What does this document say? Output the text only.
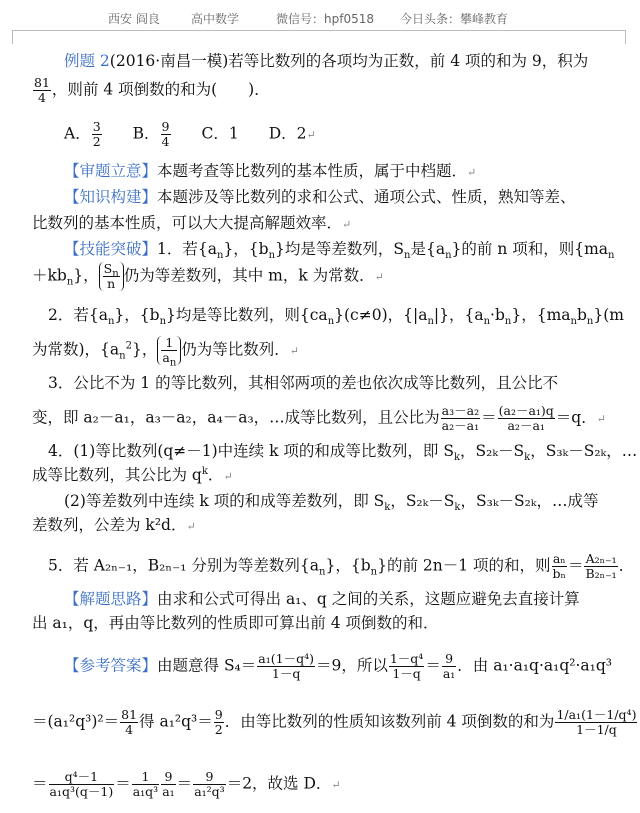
西安 阎良	高中数学	微信号：hpf0518 今日头条：攀峰教育
例题 2(2016·南昌一模)若等比数列的各项均为正数，前 4 项的和为 9，积为
$\frac{81}{4}$ ，则前 4 项倒数的和为(　　)．
A． $\frac{3}{2}$ B． $\frac{9}{4}$ C．1 D．2↵
【审题立意】本题考查等比数列的基本性质，属于中档题．↵
【知识构建】本题涉及等比数列的求和公式、通项公式、性质，熟知等差、
比数列的基本性质，可以大大提高解题效率．↵
【技能突破】1．若$\{a_n\}$，$\{b_n\}$均是等差数列，$S_n$是$\{a_n\}$的前 n 项和，则{$ma_n$
$+kb_n$}， $\frac{S_n}{n}$ 仍为等差数列，其中 m，k 为常数．↵
2．若$\{a_n\}$，$\{b_n\}$均是等比数列，则$\{ca_n\}(c\ne 0)$，$\{|a_n|\}$，$\{a_n\cdot b_n\}$，$\{ma_nb_n\}(m$
为常数)，$\{a_n^2\}$， $\frac{1}{a_n}$ 仍为等比数列．↵
3．公比不为 1 的等比数列，其相邻两项的差也依次成等比数列，且公比不
变，即 a₂－a₁，a₃－a₂，a₄－a₃，…成等比数列，且公比为 $\frac{\text{a₃－a₂}}{\text{a₂－a₁}} = \frac{\text{(a₂－a₁)q}}{\text{a₂－a₁}} =q$．↵
4．(1)等比数列(q≠－1)中连续 k 项的和成等比数列，即 $S_k$，$S_{2k}-S_k$，S₃ₖ－S₂ₖ，…
成等比数列，其公比为 $q^k$．↵
(2)等差数列中连续 k 项的和成等差数列，即 $S_k$，$S_{2k}-S_k$，S₃ₖ－S₂ₖ，…成等
差数列，公差为 k²d．↵
5．若 A₂ₙ₋₁，B₂ₙ₋₁ 分别为等差数列$\{a_n\}$，$\{b_n\}$的前 2n－1 项的和，则 $\frac{\text{aₙ}}{\text{bₙ}} = \frac{\text{A₂ₙ₋₁}}{\text{B₂ₙ₋₁}}$ ．
【解题思路】由求和公式可得出 a₁、q 之间的关系，这题应避免去直接计算
出 a₁，q，再由等比数列的性质即可算出前 4 项倒数的和．
【参考答案】由题意得 $S_4= \frac{\text{a₁(1－q⁴)}}{1-q} =9$，所以 $\frac{\text{1－q⁴}}{1-q} = \frac{9}{\text{a₁}}$ ．由 a₁·a₁q·a₁q²·a₁q³
$=(a_1^2q^3)^2= \frac{81}{4}$ 得 $a_1^2q^3= \frac{9}{2}$ ．由等比数列的性质知该数列前 4 项倒数的和为 $\frac{\text{1/a₁(1－1/q⁴)}}{1-1/q}$
＝ $\frac{\text{q⁴－1}}{\text{a₁q³(q－1)}} = \frac{1}{\text{a₁q³}} \frac{9}{\text{a₁}} = \frac{9}{\text{a₁²q³}} =2$，故选 D．↵
